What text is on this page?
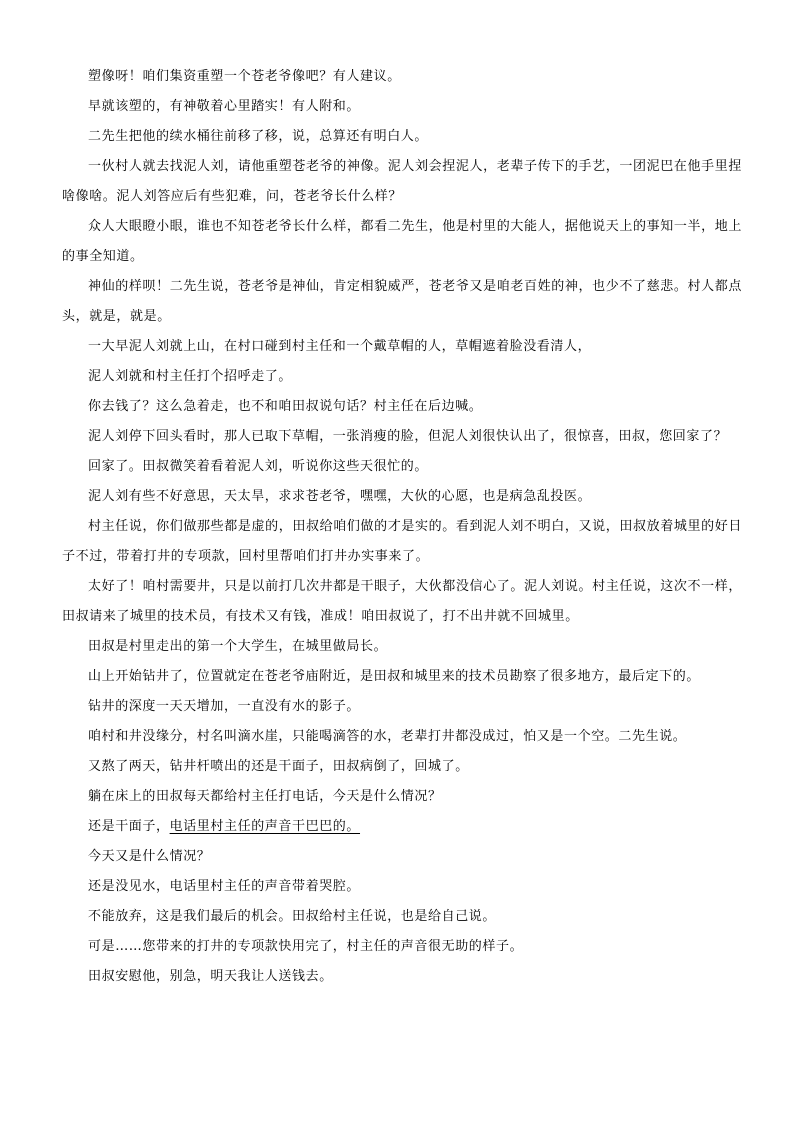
塑像呀！咱们集资重塑一个苍老爷像吧？有人建议。

早就该塑的，有神敬着心里踏实！有人附和。

二先生把他的续水桶往前移了移，说，总算还有明白人。

一伙村人就去找泥人刘，请他重塑苍老爷的神像。泥人刘会捏泥人，老辈子传下的手艺，一团泥巴在他手里捏啥像啥。泥人刘答应后有些犯难，问，苍老爷长什么样？

众人大眼瞪小眼，谁也不知苍老爷长什么样，都看二先生，他是村里的大能人，据他说天上的事知一半，地上的事全知道。

神仙的样呗！二先生说，苍老爷是神仙，肯定相貌威严，苍老爷又是咱老百姓的神，也少不了慈悲。村人都点头，就是，就是。

一大早泥人刘就上山，在村口碰到村主任和一个戴草帽的人，草帽遮着脸没看清人，

泥人刘就和村主任打个招呼走了。

你去钱了？这么急着走，也不和咱田叔说句话？村主任在后边喊。

泥人刘停下回头看时，那人已取下草帽，一张消瘦的脸，但泥人刘很快认出了，很惊喜，田叔，您回家了？

回家了。田叔微笑着看着泥人刘，听说你这些天很忙的。

泥人刘有些不好意思，天太旱，求求苍老爷，嘿嘿，大伙的心愿，也是病急乱投医。

村主任说，你们做那些都是虚的，田叔给咱们做的才是实的。看到泥人刘不明白，又说，田叔放着城里的好日子不过，带着打井的专项款，回村里帮咱们打井办实事来了。

太好了！咱村需要井，只是以前打几次井都是干眼子，大伙都没信心了。泥人刘说。村主任说，这次不一样，田叔请来了城里的技术员，有技术又有钱，准成！咱田叔说了，打不出井就不回城里。

田叔是村里走出的第一个大学生，在城里做局长。

山上开始钻井了，位置就定在苍老爷庙附近，是田叔和城里来的技术员勘察了很多地方，最后定下的。

钻井的深度一天天增加，一直没有水的影子。

咱村和井没缘分，村名叫滴水崖，只能喝滴答的水，老辈打井都没成过，怕又是一个空。二先生说。

又熬了两天，钻井杆喷出的还是干面子，田叔病倒了，回城了。

躺在床上的田叔每天都给村主任打电话，今天是什么情况？

还是干面子，电话里村主任的声音干巴巴的。

今天又是什么情况？

还是没见水，电话里村主任的声音带着哭腔。

不能放弃，这是我们最后的机会。田叔给村主任说，也是给自己说。

可是……您带来的打井的专项款快用完了，村主任的声音很无助的样子。

田叔安慰他，别急，明天我让人送钱去。
